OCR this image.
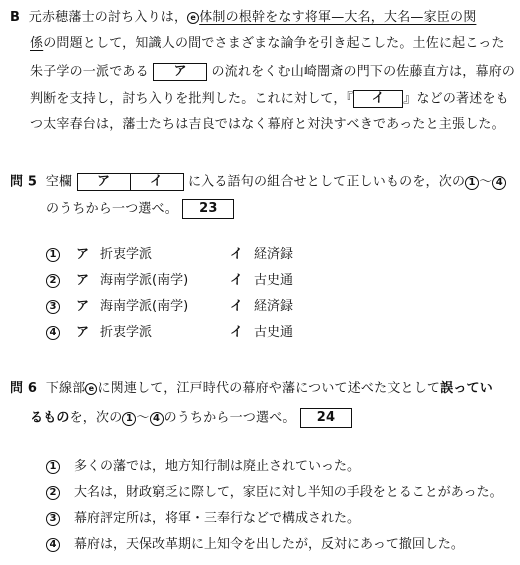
B 元赤穂藩士の討ち入りは， e 体制の根幹をなす将軍—大名，大名—家臣の関
係の問題として，知識人の間でさまざまな論争を引き起こした。土佐に起こった
朱子学の一派である ア の流れをくむ山崎闇斎の門下の佐藤直方は，幕府の
判断を支持し，討ち入りを批判した。これに対して，『 イ 』などの著述をも
つ太宰春台は，藩士たちは吉良ではなく幕府と対決すべきであったと主張した。
問 5 空欄 ア	イ に入る語句の組合せとして正しいものを，次の 1 〜 4
のうちから一つ選べ。 23
1 ア 折衷学派	イ 経済録
2 ア 海南学派(南学)	イ 古史通
3 ア 海南学派(南学)	イ 経済録
4 ア 折衷学派	イ 古史通
問 6 下線部 e に関連して，江戸時代の幕府や藩について述べた文として誤ってい
るものを，次の 1 〜 4 のうちから一つ選べ。 24
1 多くの藩では，地方知行制は廃止されていった。
2 大名は，財政窮乏に際して，家臣に対し半知の手段をとることがあった。
3 幕府評定所は，将軍・三奉行などで構成された。
4 幕府は，天保改革期に上知令を出したが，反対にあって撤回した。
